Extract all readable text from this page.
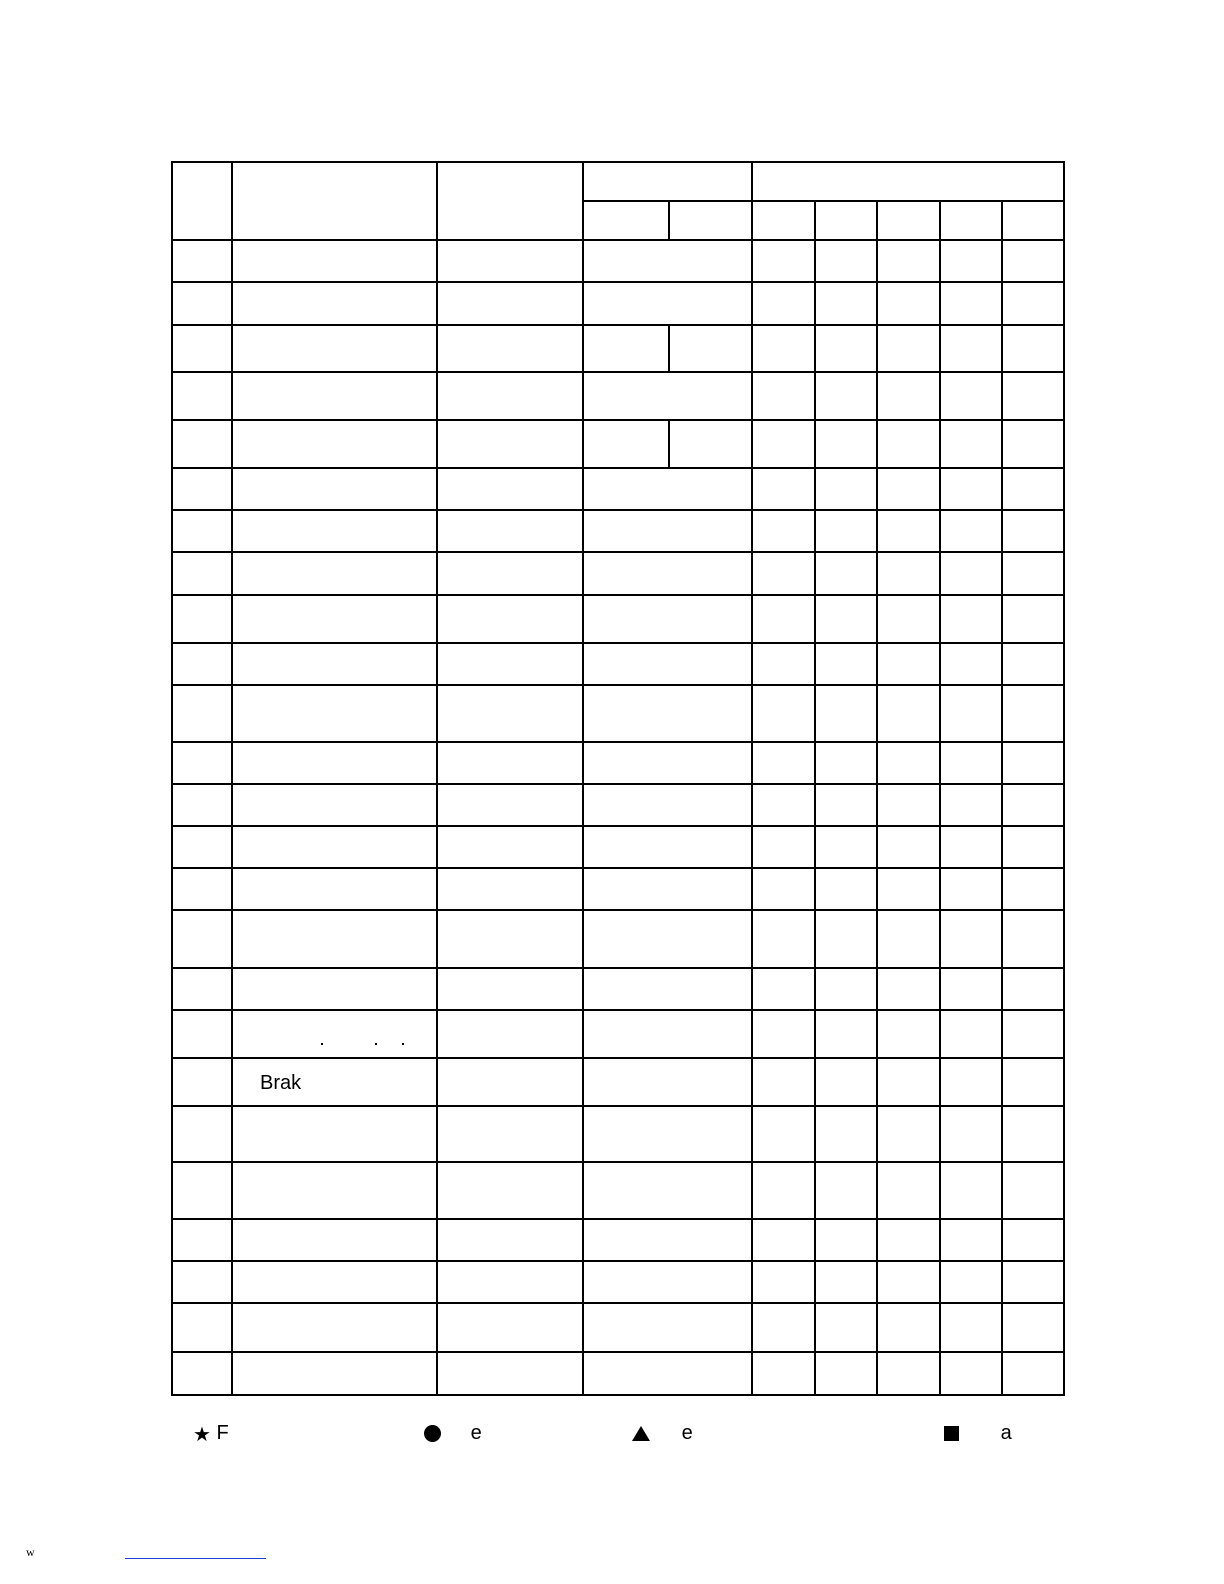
Brak
★ F	e	e	a
w
